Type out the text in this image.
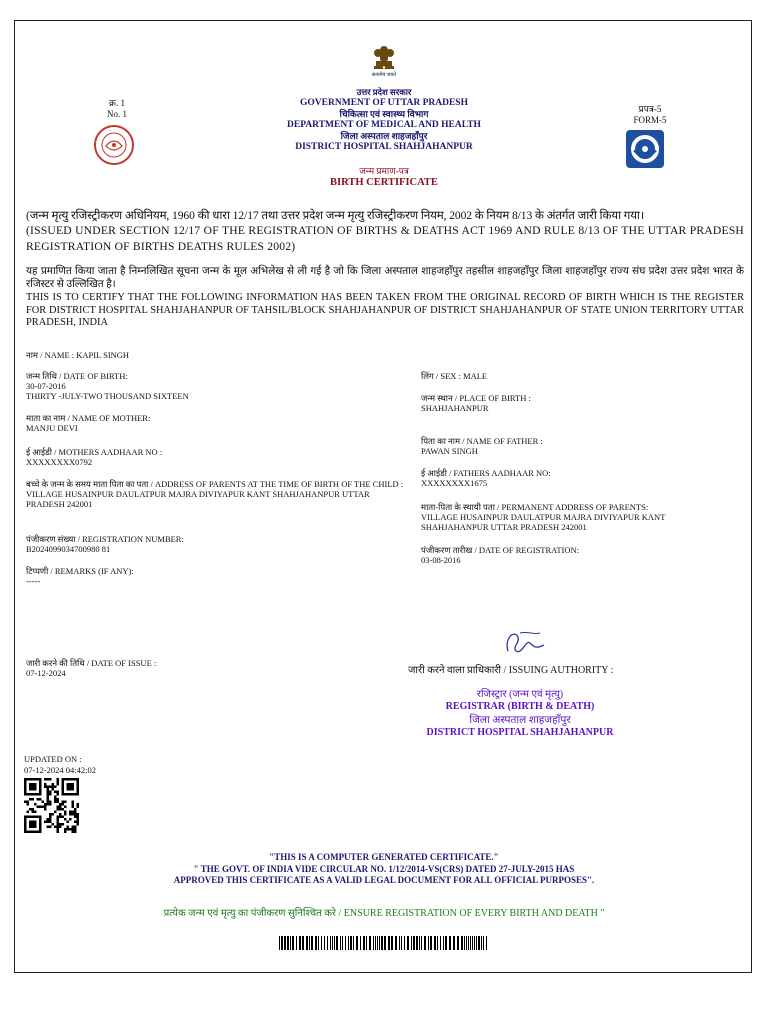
सत्यमेव जयते
क्र. 1
No. 1
उत्तर प्रदेश सरकार
GOVERNMENT OF UTTAR PRADESH
चिकित्सा एवं स्वास्थ्य विभाग
DEPARTMENT OF MEDICAL AND HEALTH
जिला अस्पताल शाहजहाँपुर
DISTRICT HOSPITAL SHAHJAHANPUR
जन्म प्रमाण-पत्र
BIRTH CERTIFICATE
प्रपत्र-5
FORM-5
(जन्म मृत्यु रजिस्ट्रीकरण अधिनियम, 1960 की धारा 12/17 तथा उत्तर प्रदेश जन्म मृत्यु रजिस्ट्रीकरण नियम, 2002 के नियम 8/13 के अंतर्गत जारी किया गया।
(ISSUED UNDER SECTION 12/17 OF THE REGISTRATION OF BIRTHS & DEATHS ACT 1969 AND RULE 8/13 OF THE UTTAR PRADESH REGISTRATION OF BIRTHS DEATHS RULES 2002)
यह प्रमाणित किया जाता है निम्नलिखित सूचना जन्म के मूल अभिलेख से ली गई है जो कि जिला अस्पताल शाहजहाँपुर तहसील शाहजहाँपुर जिला शाहजहाँपुर राज्य संघ प्रदेश उत्तर प्रदेश भारत के रजिस्टर से उल्लिखित है।
THIS IS TO CERTIFY THAT THE FOLLOWING INFORMATION HAS BEEN TAKEN FROM THE ORIGINAL RECORD OF BIRTH WHICH IS THE REGISTER FOR DISTRICT HOSPITAL SHAHJAHANPUR OF TAHSIL/BLOCK SHAHJAHANPUR OF DISTRICT SHAHJAHANPUR OF STATE UNION TERRITORY UTTAR PRADESH, INDIA
नाम / NAME : KAPIL SINGH
जन्म तिथि / DATE OF BIRTH:
30-07-2016
THIRTY -JULY-TWO THOUSAND SIXTEEN
लिंग / SEX : MALE
माता का नाम / NAME OF MOTHER:
MANJU DEVI
जन्म स्थान / PLACE OF BIRTH :
SHAHJAHANPUR
ई आईडी / MOTHERS AADHAAR NO :
XXXXXXXX0792
पिता का नाम / NAME OF FATHER :
PAWAN SINGH
बच्चे के जन्म के समय माता पिता का पता / ADDRESS OF PARENTS AT THE TIME OF BIRTH OF THE CHILD :
VILLAGE HUSAINPUR DAULATPUR MAJRA DIVIYAPUR KANT SHAHJAHANPUR UTTAR PRADESH 242001
ई आईडी / FATHERS AADHAAR NO:
XXXXXXXX1675
माता-पिता के स्थायी पता / PERMANENT ADDRESS OF PARENTS:
VILLAGE HUSAINPUR DAULATPUR MAJRA DIVIYAPUR KANT SHAHJAHANPUR UTTAR PRADESH 242001
पंजीकरण संख्या / REGISTRATION NUMBER:
B2024099034700980 81	पंजीकरण तारीख / DATE OF REGISTRATION:
03-08-2016
टिप्पणी / REMARKS (IF ANY):
-----
जारी करने की तिथि / DATE OF ISSUE :
07-12-2024	जारी करने वाला प्राधिकारी / ISSUING AUTHORITY :
रजिस्ट्रार (जन्म एवं मृत्यु)
REGISTRAR (BIRTH & DEATH)
जिला अस्पताल शाहजहाँपुर
DISTRICT HOSPITAL SHAHJAHANPUR
UPDATED ON :
07-12-2024 04:42:02
"THIS IS A COMPUTER GENERATED CERTIFICATE."
" THE GOVT. OF INDIA VIDE CIRCULAR NO. 1/12/2014-VS(CRS) DATED 27-JULY-2015 HAS
APPROVED THIS CERTIFICATE AS A VALID LEGAL DOCUMENT FOR ALL OFFICIAL PURPOSES".
प्रत्येक जन्म एवं मृत्यु का पंजीकरण सुनिश्चित करे / ENSURE REGISTRATION OF EVERY BIRTH AND DEATH "
